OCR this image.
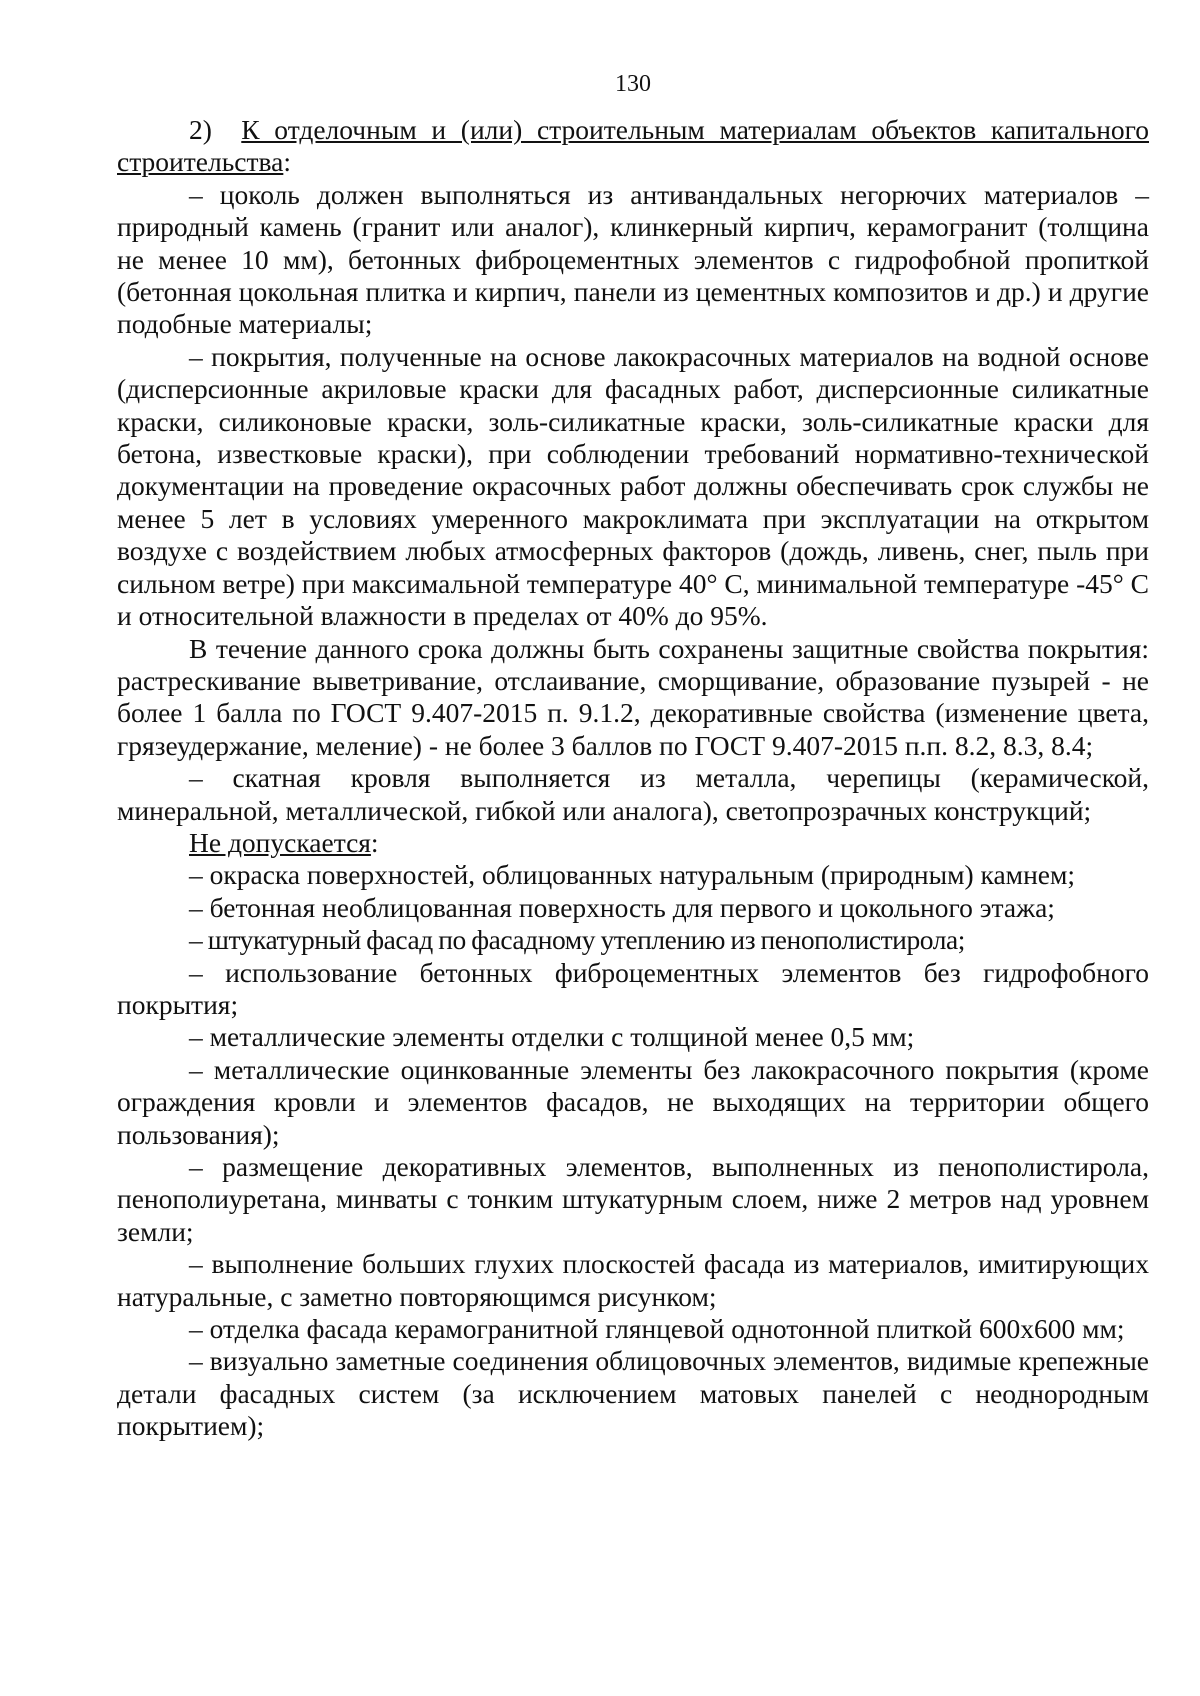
130

2) К отделочным и (или) строительным материалам объектов капитального строительства:

– цоколь должен выполняться из антивандальных негорючих материалов – природный камень (гранит или аналог), клинкерный кирпич, керамогранит (толщина не менее 10 мм), бетонных фиброцементных элементов с гидрофобной пропиткой (бетонная цокольная плитка и кирпич, панели из цементных композитов и др.) и другие подобные материалы;

– покрытия, полученные на основе лакокрасочных материалов на водной основе (дисперсионные акриловые краски для фасадных работ, дисперсионные силикатные краски, силиконовые краски, золь-силикатные краски, золь-силикатные краски для бетона, известковые краски), при соблюдении требований нормативно-технической документации на проведение окрасочных работ должны обеспечивать срок службы не менее 5 лет в условиях умеренного макроклимата при эксплуатации на открытом воздухе с воздействием любых атмосферных факторов (дождь, ливень, снег, пыль при сильном ветре) при максимальной температуре 40° С, минимальной температуре -45° С и относительной влажности в пределах от 40% до 95%.

В течение данного срока должны быть сохранены защитные свойства покрытия: растрескивание выветривание, отслаивание, сморщивание, образование пузырей - не более 1 балла по ГОСТ 9.407-2015 п. 9.1.2, декоративные свойства (изменение цвета, грязеудержание, меление) - не более 3 баллов по ГОСТ 9.407-2015 п.п. 8.2, 8.3, 8.4;

– скатная кровля выполняется из металла, черепицы (керамической, минеральной, металлической, гибкой или аналога), светопрозрачных конструкций;

Не допускается:

– окраска поверхностей, облицованных натуральным (природным) камнем;

– бетонная необлицованная поверхность для первого и цокольного этажа;

– штукатурный фасад по фасадному утеплению из пенополистирола;

– использование бетонных фиброцементных элементов без гидрофобного покрытия;

– металлические элементы отделки с толщиной менее 0,5 мм;

– металлические оцинкованные элементы без лакокрасочного покрытия (кроме ограждения кровли и элементов фасадов, не выходящих на территории общего пользования);

– размещение декоративных элементов, выполненных из пенополистирола, пенополиуретана, минваты с тонким штукатурным слоем, ниже 2 метров над уровнем земли;

– выполнение больших глухих плоскостей фасада из материалов, имитирующих натуральные, с заметно повторяющимся рисунком;

– отделка фасада керамогранитной глянцевой однотонной плиткой 600x600 мм;

– визуально заметные соединения облицовочных элементов, видимые крепежные детали фасадных систем (за исключением матовых панелей с неоднородным покрытием);
